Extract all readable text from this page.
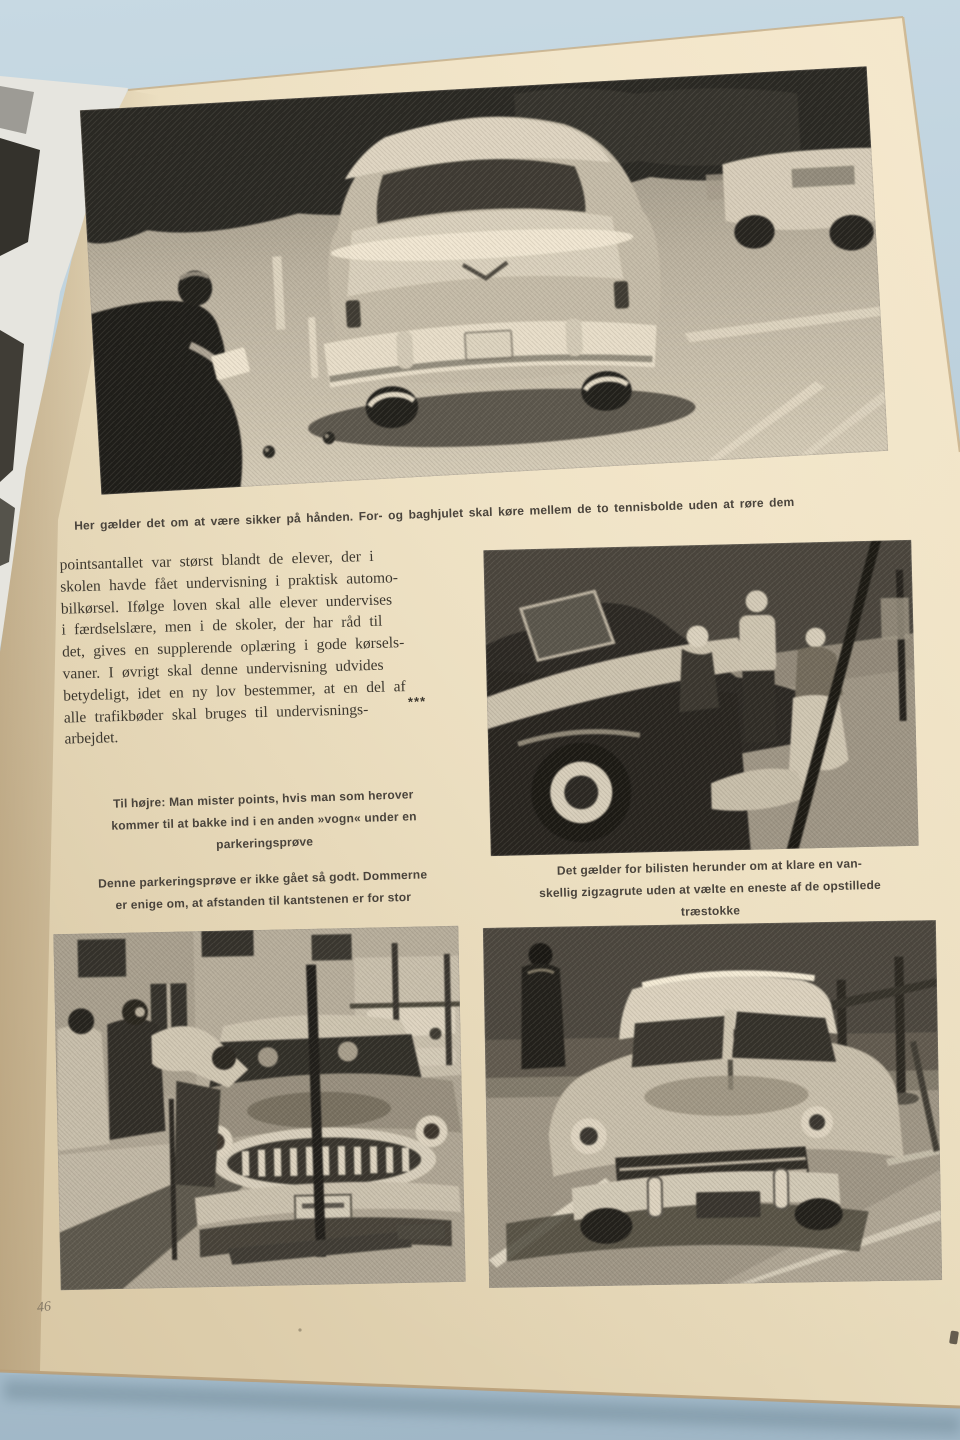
Her gælder det om at være sikker på hånden. For- og baghjulet skal køre mellem de to tennisbolde uden at røre dem
pointsantallet var størst blandt de elever, der i
skolen havde fået undervisning i praktisk automo-
bilkørsel. Ifølge loven skal alle elever undervises
i færdselslære, men i de skoler, der har råd til
det, gives en supplerende oplæring i gode kørsels-
vaner. I øvrigt skal denne undervisning udvides
betydeligt, idet en ny lov bestemmer, at en del af
alle trafikbøder skal bruges til undervisnings-
arbejdet.
***
Til højre: Man mister points, hvis man som herover
kommer til at bakke ind i en anden »vogn« under en
parkeringsprøve
Denne parkeringsprøve er ikke gået så godt. Dommerne
er enige om, at afstanden til kantstenen er for stor
Det gælder for bilisten herunder om at klare en van-
skellig zigzagrute uden at vælte en eneste af de opstillede
træstokke
46
